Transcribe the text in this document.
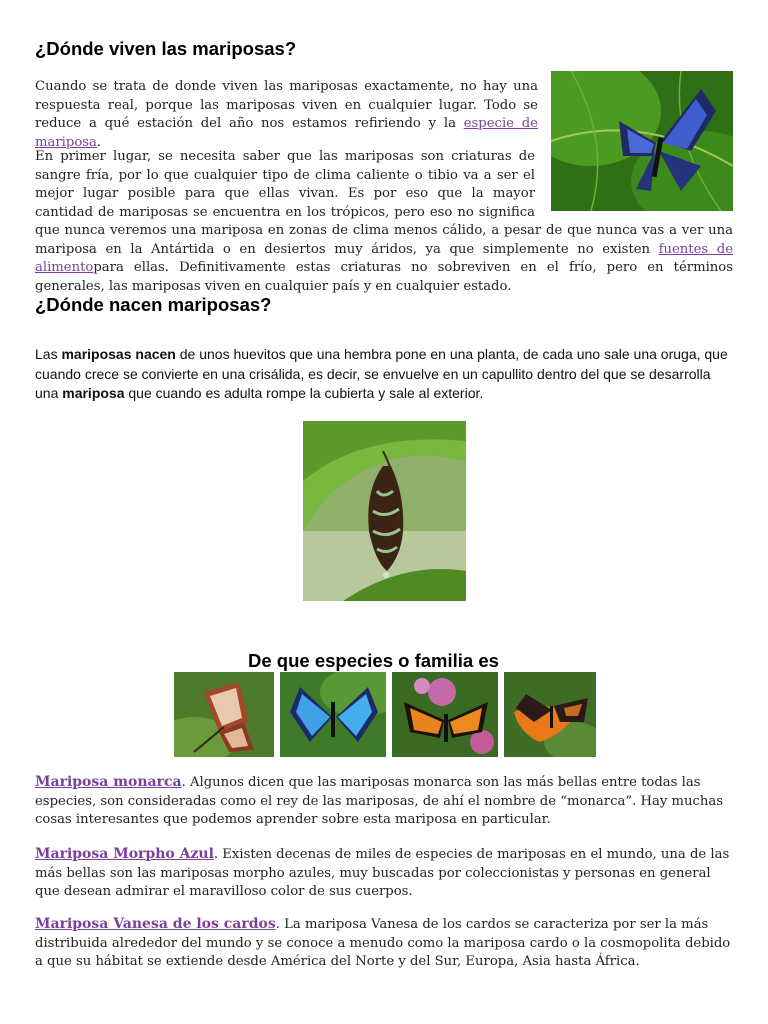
¿Dónde viven las mariposas?
Cuando se trata de donde viven las mariposas exactamente, no hay una respuesta real, porque las mariposas viven en cualquier lugar. Todo se reduce a qué estación del año nos estamos refiriendo y la especie de mariposa.
En primer lugar, se necesita saber que las mariposas son criaturas de sangre fría, por lo que cualquier tipo de clima caliente o tibio va a ser el mejor lugar posible para que ellas vivan. Es por eso que la mayor cantidad de mariposas se encuentra en los trópicos, pero eso no significa que nunca veremos una mariposa en zonas de clima menos cálido, a pesar de que nunca vas a ver una mariposa en la Antártida o en desiertos muy áridos, ya que simplemente no existen fuentes de alimentopara ellas. Definitivamente estas criaturas no sobreviven en el frío, pero en términos generales, las mariposas viven en cualquier país y en cualquier estado.
¿Dónde nacen mariposas?
Las mariposas nacen de unos huevitos que una hembra pone en una planta, de cada uno sale una oruga, que cuando crece se convierte en una crisálida, es decir, se envuelve en un capullito dentro del que se desarrolla una mariposa que cuando es adulta rompe la cubierta y sale al exterior.
De que especies o familia es
Mariposa monarca. Algunos dicen que las mariposas monarca son las más bellas entre todas las especies, son consideradas como el rey de las mariposas, de ahí el nombre de “monarca”. Hay muchas cosas interesantes que podemos aprender sobre esta mariposa en particular.
Mariposa Morpho Azul. Existen decenas de miles de especies de mariposas en el mundo, una de las más bellas son las mariposas morpho azules, muy buscadas por coleccionistas y personas en general que desean admirar el maravilloso color de sus cuerpos.
Mariposa Vanesa de los cardos. La mariposa Vanesa de los cardos se caracteriza por ser la más distribuida alrededor del mundo y se conoce a menudo como la mariposa cardo o la cosmopolita debido a que su hábitat se extiende desde América del Norte y del Sur, Europa, Asia hasta África.
